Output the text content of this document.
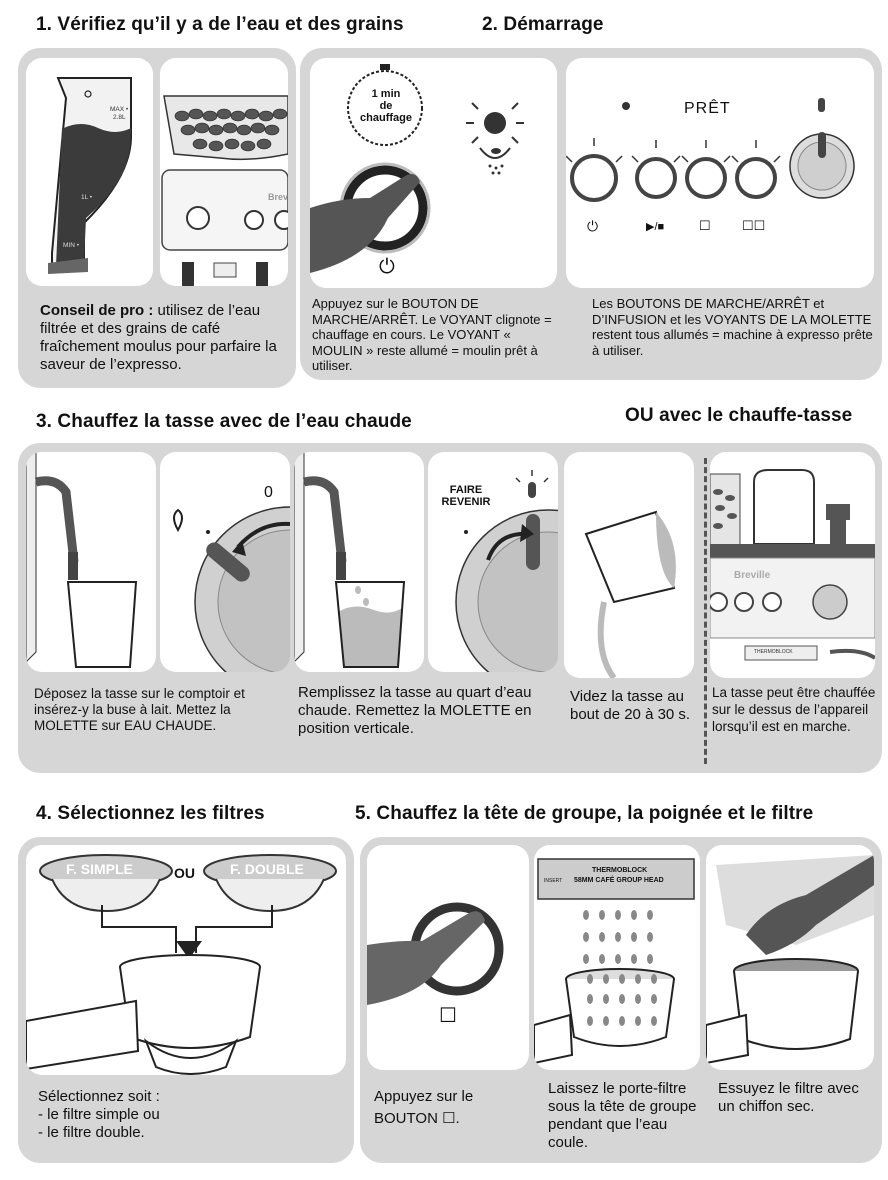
1. Vérifiez qu’il y a de l’eau et des grains	2. Démarrage
3. Chauffez la tasse avec de l’eau chaude	OU avec le chauffe-tasse
4. Sélectionnez les filtres	5. Chauffez la tête de groupe, la poignée et le filtre
MAX •
2.8L
1L •
MIN •
Brev
Conseil de pro : utilisez de l’eau filtrée et des grains de café fraîchement moulus pour parfaire la saveur de l’expresso.
1 min
de
chauffage
⏻
PRÊT
⏻	▶/■	☐ ☐☐
Appuyez sur le BOUTON DE MARCHE/ARRÊT. Le VOYANT clignote = chauffage en cours. Le VOYANT « MOULIN » reste allumé = moulin prêt à utiliser.
Les BOUTONS DE MARCHE/ARRÊT et D’INFUSION et les VOYANTS DE LA MOLETTE restent tous allumés = machine à expresso prête à utiliser.
0	FAIRE REVENIR
Déposez la tasse sur le comptoir et insérez-y la buse à lait. Mettez la MOLETTE sur EAU CHAUDE.
Remplissez la tasse au quart d’eau chaude. Remettez la MOLETTE en position verticale.
Videz la tasse au bout de 20 à 30 s.
Breville
THERMOBLOCK
La tasse peut être chauffée sur le dessus de l’appareil lorsqu’il est en marche.
F. SIMPLE	OU	F. DOUBLE
Sélectionnez soit :
- le filtre simple ou
- le filtre double.
☐
THERMOBLOCK
58MM CAFÉ GROUP HEAD
INSERT
Appuyez sur le BOUTON ☐.
Laissez le porte-filtre sous la tête de groupe pendant que l’eau coule.
Essuyez le filtre avec un chiffon sec.
